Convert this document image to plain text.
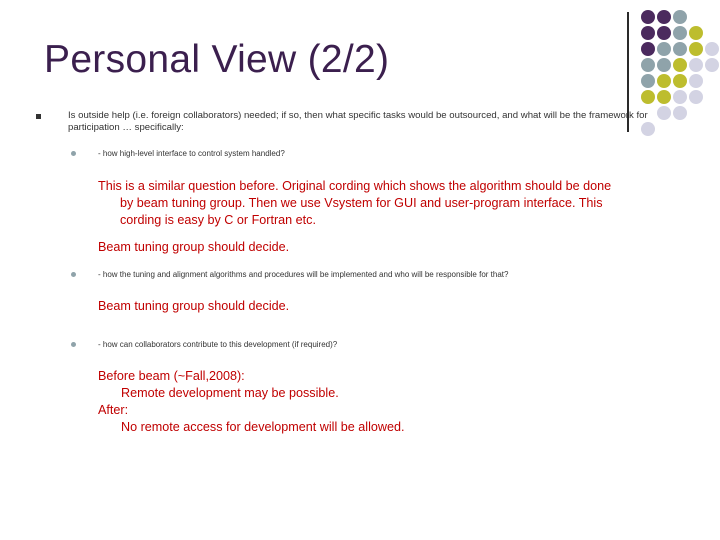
Personal View (2/2)
Is outside help (i.e. foreign collaborators) needed; if so, then what specific tasks would be outsourced, and what will be the framework for participation … specifically:
- how high-level interface to control system handled?
This is a similar question before. Original cording which shows the algorithm should be done
by beam tuning group. Then we use Vsystem for GUI and user-program interface. This
cording is easy by C or Fortran etc.
Beam tuning group should decide.
- how the tuning and alignment algorithms and procedures will be implemented and who will be responsible for that?
Beam tuning group should decide.
- how can collaborators contribute to this development (if required)?
Before beam (~Fall,2008):
Remote development may be possible.
After:
No remote access for development will be allowed.
